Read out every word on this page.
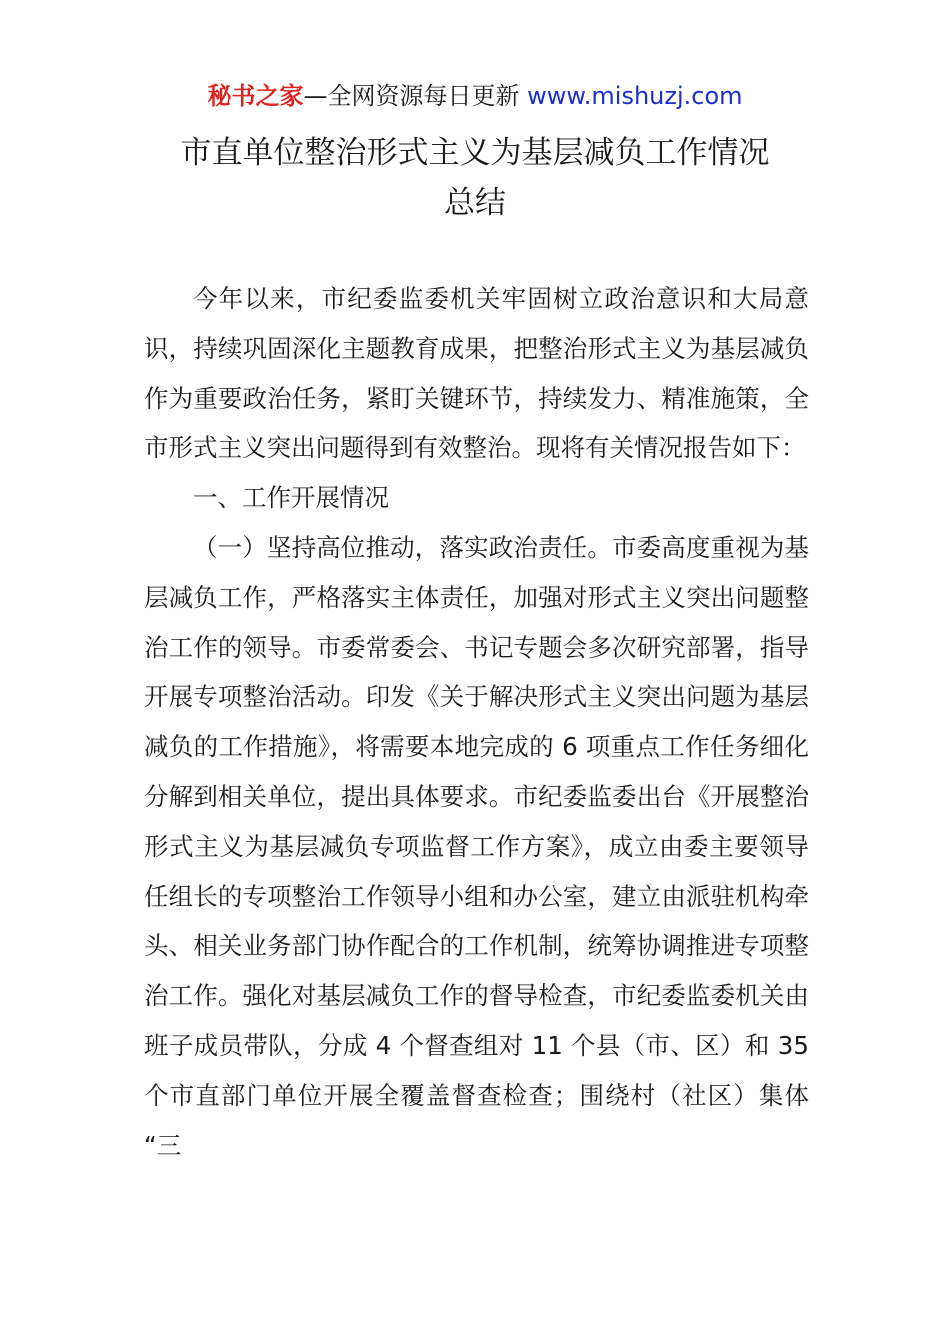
秘书之家—全网资源每日更新 www.mishuzj.com
市直单位整治形式主义为基层减负工作情况
总结

今年以来，市纪委监委机关牢固树立政治意识和大局意识，持续巩固深化主题教育成果，把整治形式主义为基层减负作为重要政治任务，紧盯关键环节，持续发力、精准施策，全市形式主义突出问题得到有效整治。现将有关情况报告如下：

一、工作开展情况

（一）坚持高位推动，落实政治责任。市委高度重视为基层减负工作，严格落实主体责任，加强对形式主义突出问题整治工作的领导。市委常委会、书记专题会多次研究部署，指导开展专项整治活动。印发《关于解决形式主义突出问题为基层减负的工作措施》，将需要本地完成的 6 项重点工作任务细化分解到相关单位，提出具体要求。市纪委监委出台《开展整治形式主义为基层减负专项监督工作方案》，成立由委主要领导任组长的专项整治工作领导小组和办公室，建立由派驻机构牵头、相关业务部门协作配合的工作机制，统筹协调推进专项整治工作。强化对基层减负工作的督导检查，市纪委监委机关由班子成员带队，分成 4 个督查组对 11 个县（市、区）和 35 个市直部门单位开展全覆盖督查检查；围绕村（社区）集体 “三
